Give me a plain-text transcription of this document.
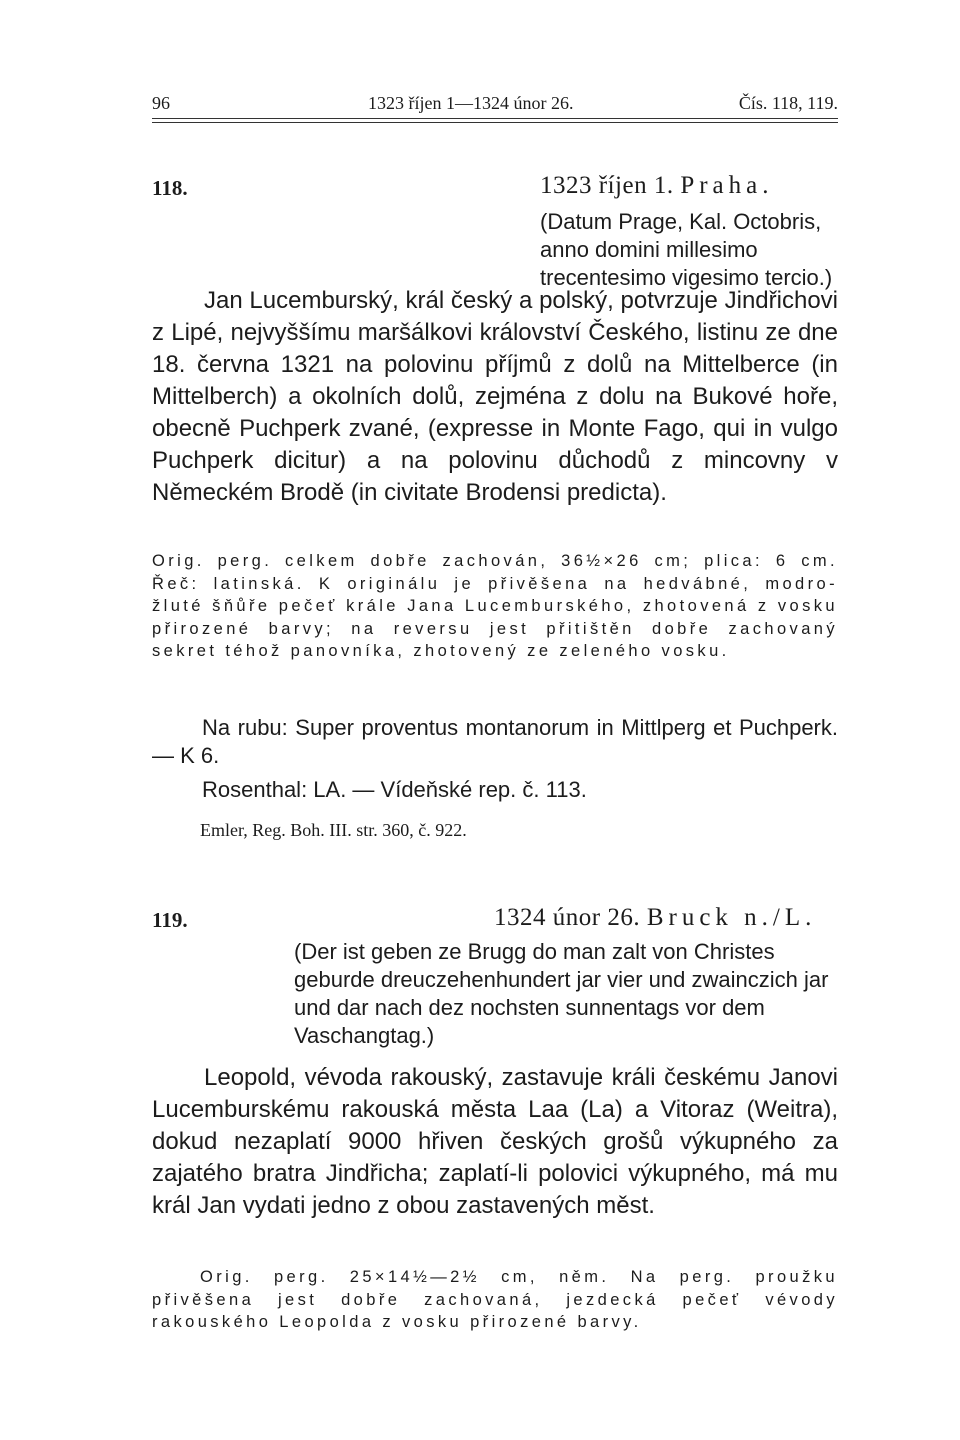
96	1323 říjen 1—1324 únor 26.	Čís. 118, 119.
118.	1323 říjen 1. Praha.
(Datum Prage, Kal. Octobris, anno domini millesimo trecentesimo vigesimo tercio.)
Jan Lucemburský, král český a polský, potvrzuje Jindřichovi z Lipé, nejvyššímu maršálkovi království Českého, listinu ze dne 18. června 1321 na polovinu příjmů z dolů na Mittelberce (in Mittelberch) a okolních dolů, zejména z dolu na Bukové hoře, obecně Puchperk zvané, (expresse in Monte Fago, qui in vulgo Puchperk dicitur) a na polovinu důchodů z mincovny v Německém Brodě (in civitate Brodensi predicta).
Orig. perg. celkem dobře zachován, 36½×26 cm; plica: 6 cm. Řeč: latinská. K originálu je přivěšena na hedvábné, modro-žluté šňůře pečeť krále Jana Lucemburského, zhotovená z vosku přirozené barvy; na reversu jest přitištěn dobře zachovaný sekret téhož panovníka, zhotovený ze zeleného vosku.
Na rubu: Super proventus montanorum in Mittlperg et Puchperk. — K 6.
Rosenthal: LA. — Vídeňské rep. č. 113.
Emler, Reg. Boh. III. str. 360, č. 922.
119.	1324 únor 26. Bruck n./L.
(Der ist geben ze Brugg do man zalt von Christes geburde dreuczehenhundert jar vier und zwainczich jar und dar nach dez nochsten sunnentags vor dem Vaschangtag.)
Leopold, vévoda rakouský, zastavuje králi českému Janovi Lucemburskému rakouská města Laa (La) a Vitoraz (Weitra), dokud nezaplatí 9000 hřiven českých grošů výkupného za zajatého bratra Jindřicha; zaplatí-li polovici výkupného, má mu král Jan vydati jedno z obou zastavených měst.
Orig. perg. 25×14½—2½ cm, něm. Na perg. proužku přivěšena jest dobře zachovaná, jezdecká pečeť vévody rakouského Leopolda z vosku přirozené barvy.
